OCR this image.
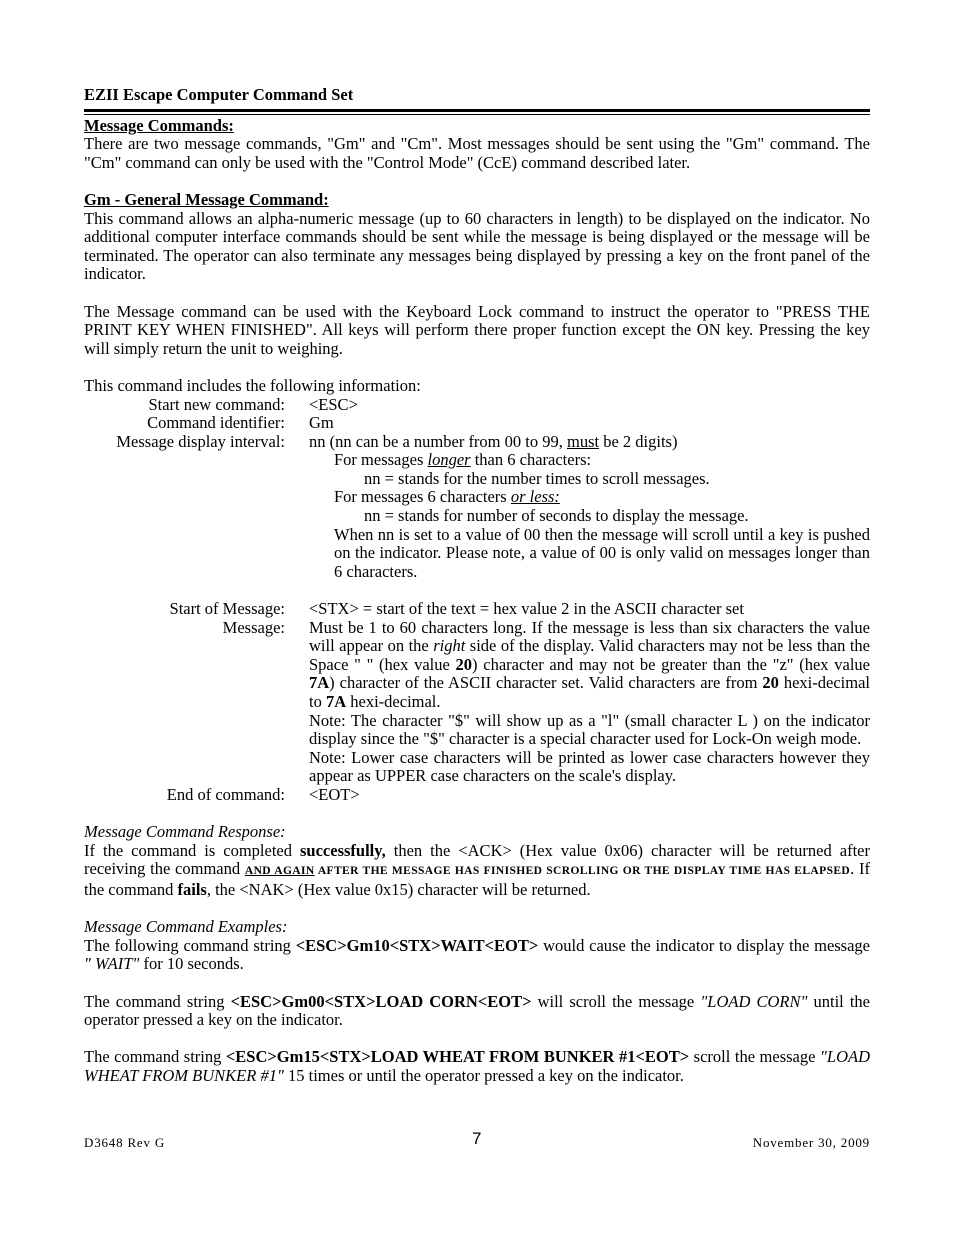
EZII Escape Computer Command Set
Message Commands:
There are two message commands, "Gm" and "Cm". Most messages should be sent using the "Gm" command. The "Cm" command can only be used with the "Control Mode" (CcE) command described later.
Gm - General Message Command:
This command allows an alpha-numeric message (up to 60 characters in length) to be displayed on the indicator. No additional computer interface commands should be sent while the message is being displayed or the message will be terminated. The operator can also terminate any messages being displayed by pressing a key on the front panel of the indicator.
The Message command can be used with the Keyboard Lock command to instruct the operator to "PRESS THE PRINT KEY WHEN FINISHED". All keys will perform there proper function except the ON key. Pressing the key will simply return the unit to weighing.
This command includes the following information:
Start new command: <ESC>
Command identifier: Gm
Message display interval: nn (nn can be a number from 00 to 99, must be 2 digits)
For messages longer than 6 characters:
nn = stands for the number times to scroll messages.
For messages 6 characters or less:
nn = stands for number of seconds to display the message.
When nn is set to a value of 00 then the message will scroll until a key is pushed on the indicator. Please note, a value of 00 is only valid on messages longer than 6 characters.
Start of Message: <STX> = start of the text = hex value 2 in the ASCII character set
Message: Must be 1 to 60 characters long. If the message is less than six characters the value will appear on the right side of the display. Valid characters may not be less than the Space " " (hex value 20) character and may not be greater than the "z" (hex value 7A) character of the ASCII character set. Valid characters are from 20 hexi-decimal to 7A hexi-decimal.
Note: The character "$" will show up as a "l" (small character L ) on the indicator display since the "$" character is a special character used for Lock-On weigh mode.
Note: Lower case characters will be printed as lower case characters however they appear as UPPER case characters on the scale's display.
End of command: <EOT>
Message Command Response:
If the command is completed successfully, then the <ACK> (Hex value 0x06) character will be returned after receiving the command AND AGAIN AFTER THE MESSAGE HAS FINISHED SCROLLING OR THE DISPLAY TIME HAS ELAPSED. If the command fails, the <NAK> (Hex value 0x15) character will be returned.
Message Command Examples:
The following command string <ESC>Gm10<STX>WAIT<EOT> would cause the indicator to display the message " WAIT" for 10 seconds.
The command string <ESC>Gm00<STX>LOAD CORN<EOT> will scroll the message "LOAD CORN" until the operator pressed a key on the indicator.
The command string <ESC>Gm15<STX>LOAD WHEAT FROM BUNKER #1<EOT> scroll the message "LOAD WHEAT FROM BUNKER #1" 15 times or until the operator pressed a key on the indicator.
D3648 Rev G	7	November 30, 2009
